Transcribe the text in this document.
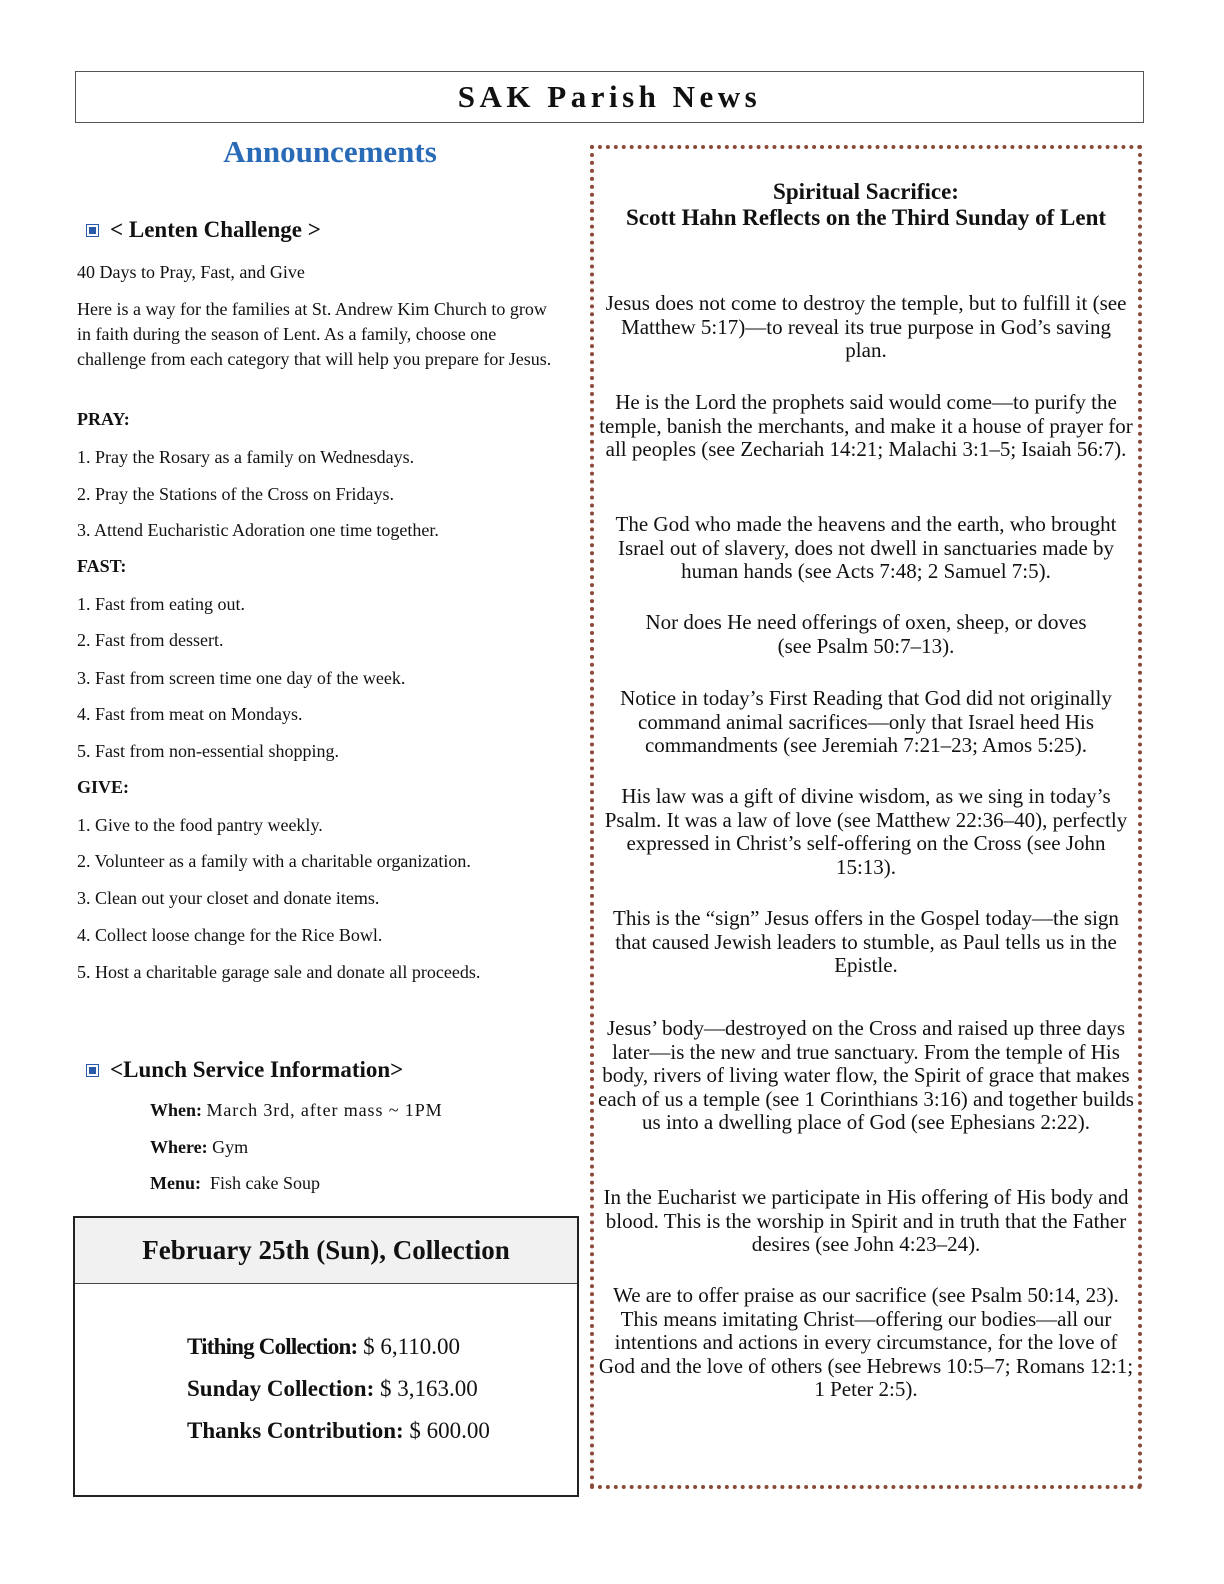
SAK Parish News
Announcements
< Lenten Challenge >

40 Days to Pray, Fast, and Give

Here is a way for the families at St. Andrew Kim Church to grow in faith during the season of Lent. As a family, choose one challenge from each category that will help you prepare for Jesus.

PRAY:

1. Pray the Rosary as a family on Wednesdays.

2. Pray the Stations of the Cross on Fridays.

3. Attend Eucharistic Adoration one time together.

FAST:

1. Fast from eating out.

2. Fast from dessert.

3. Fast from screen time one day of the week.

4. Fast from meat on Mondays.

5. Fast from non-essential shopping.

GIVE:

1. Give to the food pantry weekly.

2. Volunteer as a family with a charitable organization.

3. Clean out your closet and donate items.

4. Collect loose change for the Rice Bowl.

5. Host a charitable garage sale and donate all proceeds.

<Lunch Service Information>
When: March 3rd, after mass ~ 1PM
Where: Gym
Menu: Fish cake Soup
February 25th (Sun), Collection
Tithing Collection: $ 6,110.00
Sunday Collection: $ 3,163.00
Thanks Contribution: $ 600.00
Spiritual Sacrifice:
Scott Hahn Reflects on the Third Sunday of Lent
Jesus does not come to destroy the temple, but to fulfill it (see Matthew 5:17)—to reveal its true purpose in God’s saving plan.
He is the Lord the prophets said would come—to purify the temple, banish the merchants, and make it a house of prayer for all peoples (see Zechariah 14:21; Malachi 3:1–5; Isaiah 56:7).
The God who made the heavens and the earth, who brought Israel out of slavery, does not dwell in sanctuaries made by human hands (see Acts 7:48; 2 Samuel 7:5).
Nor does He need offerings of oxen, sheep, or doves (see Psalm 50:7–13).
Notice in today’s First Reading that God did not originally command animal sacrifices—only that Israel heed His commandments (see Jeremiah 7:21–23; Amos 5:25).
His law was a gift of divine wisdom, as we sing in today’s Psalm. It was a law of love (see Matthew 22:36–40), perfectly expressed in Christ’s self-offering on the Cross (see John 15:13).
This is the “sign” Jesus offers in the Gospel today—the sign that caused Jewish leaders to stumble, as Paul tells us in the Epistle.
Jesus’ body—destroyed on the Cross and raised up three days later—is the new and true sanctuary. From the temple of His body, rivers of living water flow, the Spirit of grace that makes each of us a temple (see 1 Corinthians 3:16) and together builds us into a dwelling place of God (see Ephesians 2:22).
In the Eucharist we participate in His offering of His body and blood. This is the worship in Spirit and in truth that the Father desires (see John 4:23–24).
We are to offer praise as our sacrifice (see Psalm 50:14, 23). This means imitating Christ—offering our bodies—all our intentions and actions in every circumstance, for the love of God and the love of others (see Hebrews 10:5–7; Romans 12:1; 1 Peter 2:5).
